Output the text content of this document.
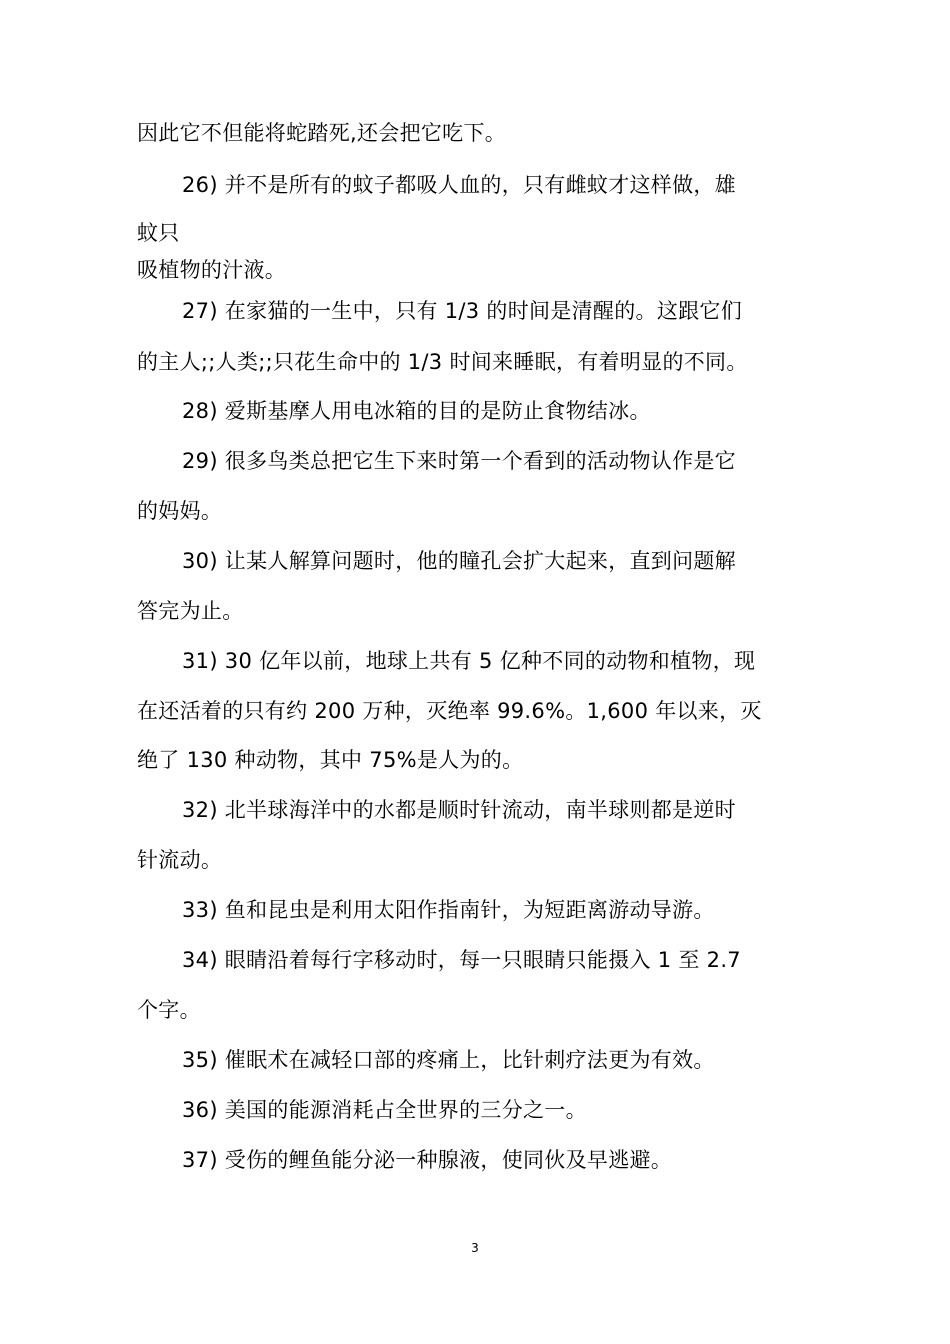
因此它不但能将蛇踏死,还会把它吃下。
26) 并不是所有的蚊子都吸人血的，只有雌蚊才这样做，雄
蚊只
吸植物的汁液。
27) 在家猫的一生中，只有 1/3 的时间是清醒的。这跟它们
的主人;;人类;;只花生命中的 1/3 时间来睡眠，有着明显的不同。
28) 爱斯基摩人用电冰箱的目的是防止食物结冰。
29) 很多鸟类总把它生下来时第一个看到的活动物认作是它
的妈妈。
30) 让某人解算问题时，他的瞳孔会扩大起来，直到问题解
答完为止。
31) 30 亿年以前，地球上共有 5 亿种不同的动物和植物，现
在还活着的只有约 200 万种，灭绝率 99.6%。1,600 年以来，灭
绝了 130 种动物，其中 75%是人为的。
32) 北半球海洋中的水都是顺时针流动，南半球则都是逆时
针流动。
33) 鱼和昆虫是利用太阳作指南针，为短距离游动导游。
34) 眼睛沿着每行字移动时，每一只眼睛只能摄入 1 至 2.7
个字。
35) 催眠术在减轻口部的疼痛上，比针刺疗法更为有效。
36) 美国的能源消耗占全世界的三分之一。
37) 受伤的鲤鱼能分泌一种腺液，使同伙及早逃避。
3
